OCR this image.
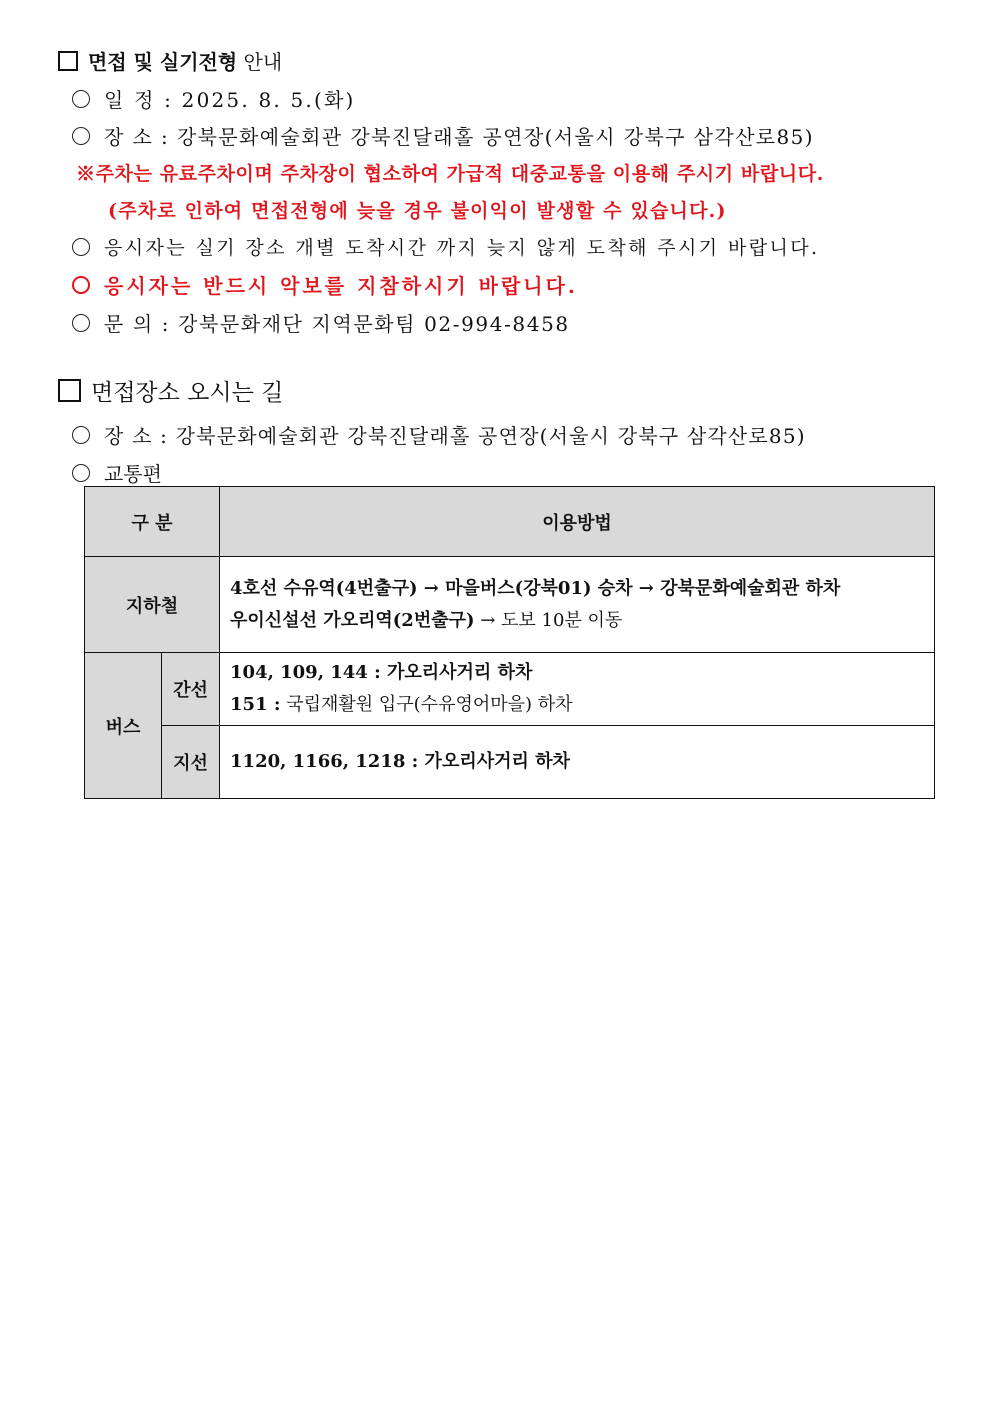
면접 및 실기전형 안내
일 정 : 2025. 8. 5.(화)
장 소 : 강북문화예술회관 강북진달래홀 공연장(서울시 강북구 삼각산로85)
※주차는 유료주차이며 주차장이 협소하여 가급적 대중교통을 이용해 주시기 바랍니다.
(주차로 인하여 면접전형에 늦을 경우 불이익이 발생할 수 있습니다.)
응시자는 실기 장소 개별 도착시간 까지 늦지 않게 도착해 주시기 바랍니다.
응시자는 반드시 악보를 지참하시기 바랍니다.
문 의 : 강북문화재단 지역문화팀 02-994-8458
면접장소 오시는 길
장 소 : 강북문화예술회관 강북진달래홀 공연장(서울시 강북구 삼각산로85)
교통편
구 분		이용방법
지하철		4호선 수유역(4번출구) → 마을버스(강북01) 승차 → 강북문화예술회관 하차
우이신설선 가오리역(2번출구) → 도보 10분 이동

버스	간선	104, 109, 144 : 가오리사거리 하차
151 : 국립재활원 입구(수유영어마을) 하차

	지선	1120, 1166, 1218 : 가오리사거리 하차
